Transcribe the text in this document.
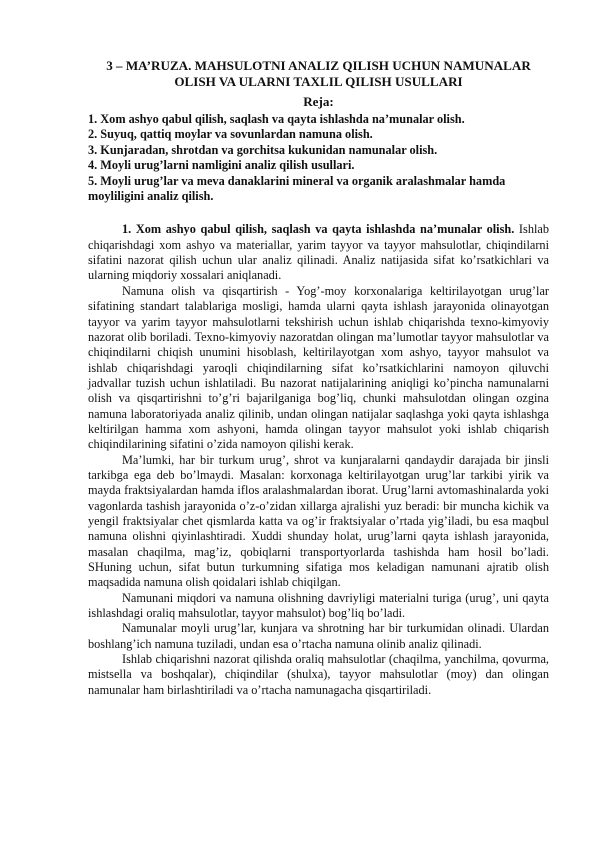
3 – MA’RUZA. MAHSULOTNI ANALIZ QILISH UCHUN NAMUNALAR
OLISH VA ULARNI TAXLIL QILISH USULLARI
Reja:
1. Xom ashyo qabul qilish, saqlash va qayta ishlashda na’munalar olish.
2. Suyuq, qattiq moylar va sovunlardan namuna olish.
3. Kunjaradan, shrotdan va gorchitsa kukunidan namunalar olish.
4. Moyli urug’larni namligini analiz qilish usullari.
5. Moyli urug’lar va meva danaklarini mineral va organik aralashmalar hamda moyliligini analiz qilish.

1. Xom ashyo qabul qilish, saqlash va qayta ishlashda na’munalar olish. Ishlab chiqarishdagi xom ashyo va materiallar, yarim tayyor va tayyor mahsulotlar, chiqindilarni sifatini nazorat qilish uchun ular analiz qilinadi. Analiz natijasida sifat ko’rsatkichlari va ularning miqdoriy xossalari aniqlanadi.

Namuna olish va qisqartirish - Yog’-moy korxonalariga keltirilayotgan urug’lar sifatining standart talablariga mosligi, hamda ularni qayta ishlash jarayonida olinayotgan tayyor va yarim tayyor mahsulotlarni tekshirish uchun ishlab chiqarishda texno-kimyoviy nazorat olib boriladi. Texno-kimyoviy nazoratdan olingan ma’lumotlar tayyor mahsulotlar va chiqindilarni chiqish unumini hisoblash, keltirilayotgan xom ashyo, tayyor mahsulot va ishlab chiqarishdagi yaroqli chiqindilarning sifat ko’rsatkichlarini namoyon qiluvchi jadvallar tuzish uchun ishlatiladi. Bu nazorat natijalarining aniqligi ko’pincha namunalarni olish va qisqartirishni to’g’ri bajarilganiga bog’liq, chunki mahsulotdan olingan ozgina namuna laboratoriyada analiz qilinib, undan olingan natijalar saqlashga yoki qayta ishlashga keltirilgan hamma xom ashyoni, hamda olingan tayyor mahsulot yoki ishlab chiqarish chiqindilarining sifatini o’zida namoyon qilishi kerak.

Ma’lumki, har bir turkum urug’, shrot va kunjaralarni qandaydir darajada bir jinsli tarkibga ega deb bo’lmaydi. Masalan: korxonaga keltirilayotgan urug’lar tarkibi yirik va mayda fraktsiyalardan hamda iflos aralashmalardan iborat. Urug’larni avtomashinalarda yoki vagonlarda tashish jarayonida o’z-o’zidan xillarga ajralishi yuz beradi: bir muncha kichik va yengil fraktsiyalar chet qismlarda katta va og’ir fraktsiyalar o’rtada yig’iladi, bu esa maqbul namuna olishni qiyinlashtiradi. Xuddi shunday holat, urug’larni qayta ishlash jarayonida, masalan chaqilma, mag’iz, qobiqlarni transportyorlarda tashishda ham hosil bo’ladi. SHuning uchun, sifat butun turkumning sifatiga mos keladigan namunani ajratib olish maqsadida namuna olish qoidalari ishlab chiqilgan.

Namunani miqdori va namuna olishning davriyligi materialni turiga (urug’, uni qayta ishlashdagi oraliq mahsulotlar, tayyor mahsulot) bog’liq bo’ladi.

Namunalar moyli urug’lar, kunjara va shrotning har bir turkumidan olinadi. Ulardan boshlang’ich namuna tuziladi, undan esa o’rtacha namuna olinib analiz qilinadi.

Ishlab chiqarishni nazorat qilishda oraliq mahsulotlar (chaqilma, yanchilma, qovurma, mistsella va boshqalar), chiqindilar (shulxa), tayyor mahsulotlar (moy) dan olingan namunalar ham birlashtiriladi va o’rtacha namunagacha qisqartiriladi.
